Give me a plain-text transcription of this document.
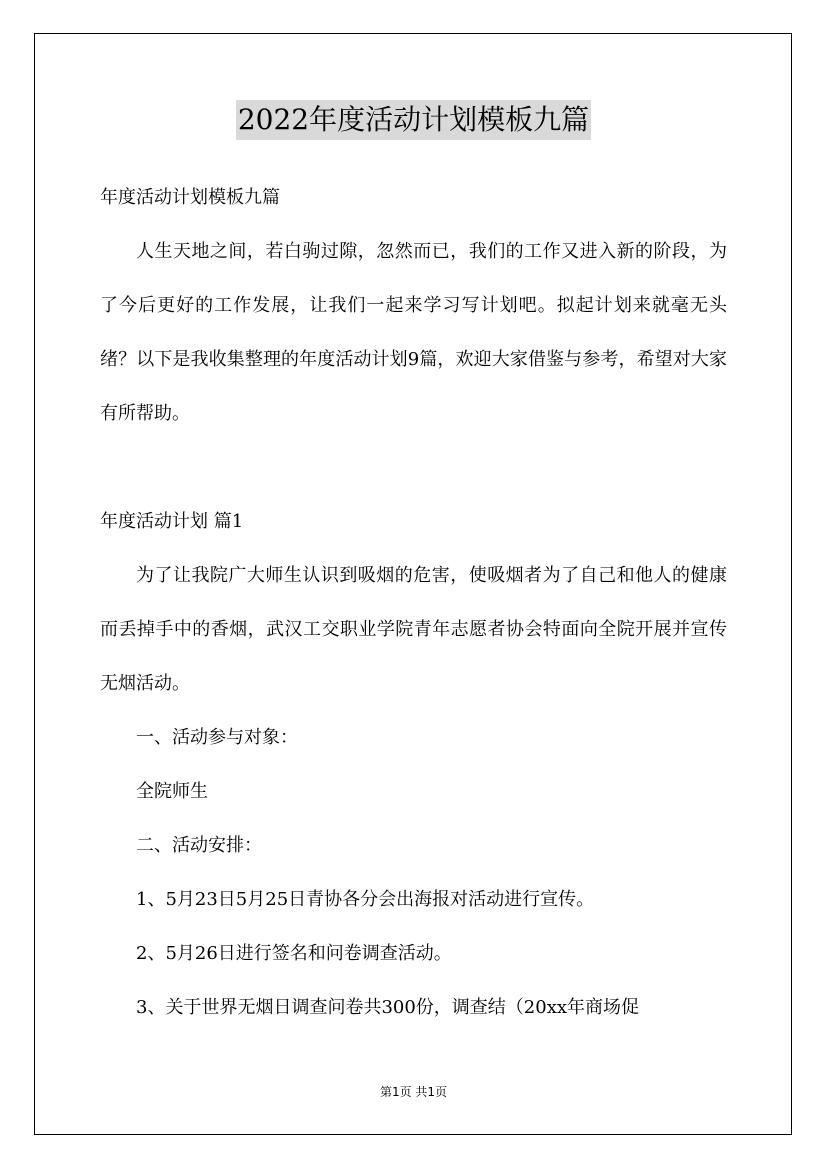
2022年度活动计划模板九篇
年度活动计划模板九篇

人生天地之间，若白驹过隙，忽然而已，我们的工作又进入新的阶段，为了今后更好的工作发展，让我们一起来学习写计划吧。拟起计划来就毫无头绪？以下是我收集整理的年度活动计划9篇，欢迎大家借鉴与参考，希望对大家有所帮助。

年度活动计划 篇1

为了让我院广大师生认识到吸烟的危害，使吸烟者为了自己和他人的健康而丢掉手中的香烟，武汉工交职业学院青年志愿者协会特面向全院开展并宣传无烟活动。

一、活动参与对象：
全院师生
二、活动安排：
1、5月23日5月25日青协各分会出海报对活动进行宣传。
2、5月26日进行签名和问卷调查活动。
3、关于世界无烟日调查问卷共300份，调查结（20xx年商场促
第1页 共1页
